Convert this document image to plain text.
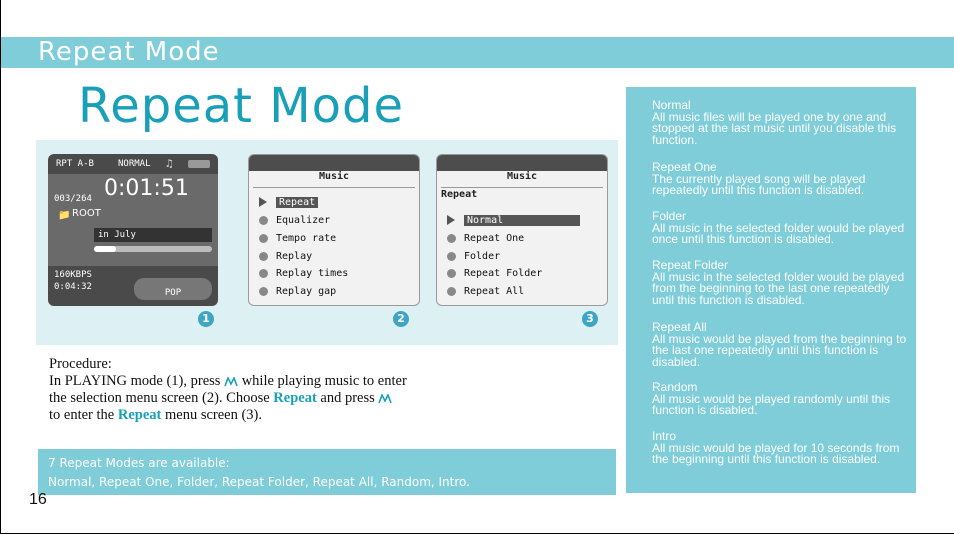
Repeat Mode
Repeat Mode
RPT A-B	NORMAL ♫
003/264 0:01:51
📁 ROOT
in July
160KBPS
0:04:32
POP
Music
Repeat
Equalizer
Tempo rate
Replay
Replay times
Replay gap
Music
Repeat
Normal
Repeat One
Folder
Repeat Folder
Repeat All
1	2	3
Procedure:
In PLAYING mode (1), press while playing music to enter
the selection menu screen (2). Choose Repeat and press
to enter the Repeat menu screen (3).
7 Repeat Modes are available:
Normal, Repeat One, Folder, Repeat Folder, Repeat All, Random, Intro.
16
Normal
All music files will be played one by one and stopped at the last music until you disable this function.
Repeat One
The currently played song will be played repeatedly until this function is disabled.
Folder
All music in the selected folder would be played once until this function is disabled.
Repeat Folder
All music in the selected folder would be played from the beginning to the last one repeatedly until this function is disabled.
Repeat All
All music would be played from the beginning to the last one repeatedly until this function is disabled.
Random
All music would be played randomly until this function is disabled.
Intro
All music would be played for 10 seconds from the beginning until this function is disabled.
